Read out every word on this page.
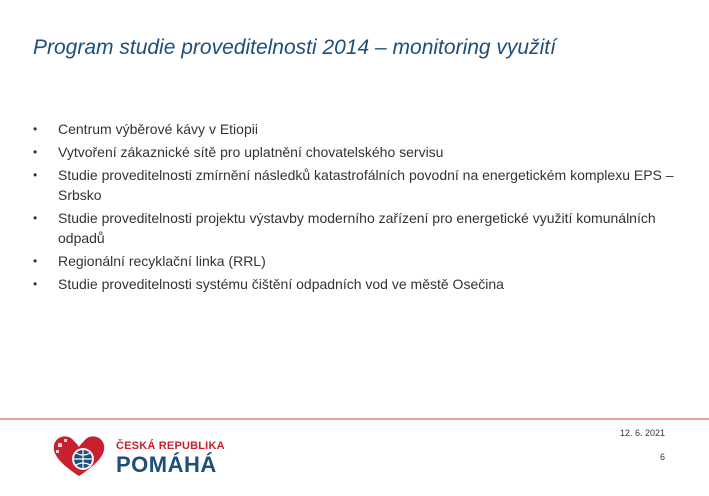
Program studie proveditelnosti 2014 – monitoring využití
•	Centrum výběrové kávy v Etiopii
•	Vytvoření zákaznické sítě pro uplatnění chovatelského servisu
•	Studie proveditelnosti zmírnění následků katastrofálních povodní na energetickém komplexu EPS – Srbsko
•	Studie proveditelnosti projektu výstavby moderního zařízení pro energetické využití komunálních odpadů
•	Regionální recyklační linka (RRL)
•	Studie proveditelnosti systému čištění odpadních vod ve městě Osečina
ČESKÁ REPUBLIKA
POMÁHÁ
12. 6. 2021
6
